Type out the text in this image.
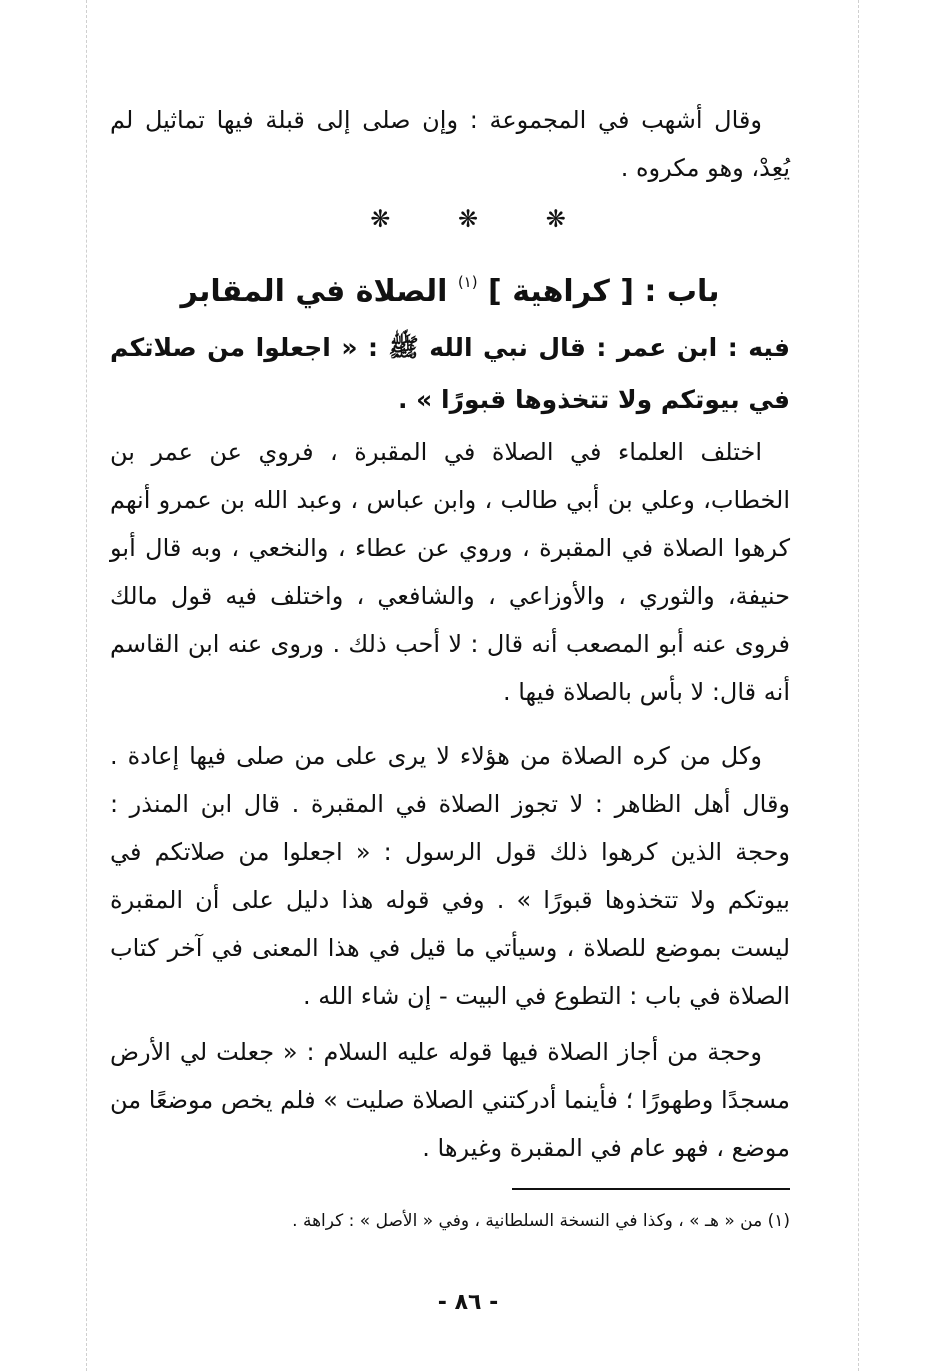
وقال أشهب في المجموعة : وإن صلى إلى قبلة فيها تماثيل لم يُعِدْ، وهو مكروه .

❋ ❋ ❋
باب : [ كراهية ] $^{(١)}$ الصلاة في المقابر

فيه : ابن عمر : قال نبي الله ﷺ : « اجعلوا من صلاتكم في بيوتكم ولا تتخذوها قبورًا » .

اختلف العلماء في الصلاة في المقبرة ، فروي عن عمر بن الخطاب، وعلي بن أبي طالب ، وابن عباس ، وعبد الله بن عمرو أنهم كرهوا الصلاة في المقبرة ، وروي عن عطاء ، والنخعي ، وبه قال أبو حنيفة، والثوري ، والأوزاعي ، والشافعي ، واختلف فيه قول مالك فروى عنه أبو المصعب أنه قال : لا أحب ذلك . وروى عنه ابن القاسم أنه قال: لا بأس بالصلاة فيها .

وكل من كره الصلاة من هؤلاء لا يرى على من صلى فيها إعادة . وقال أهل الظاهر : لا تجوز الصلاة في المقبرة . قال ابن المنذر : وحجة الذين كرهوا ذلك قول الرسول : « اجعلوا من صلاتكم في بيوتكم ولا تتخذوها قبورًا » . وفي قوله هذا دليل على أن المقبرة ليست بموضع للصلاة ، وسيأتي ما قيل في هذا المعنى في آخر كتاب الصلاة في باب : التطوع في البيت - إن شاء الله .

وحجة من أجاز الصلاة فيها قوله عليه السلام : « جعلت لي الأرض مسجدًا وطهورًا ؛ فأينما أدركتني الصلاة صليت » فلم يخص موضعًا من موضع ، فهو عام في المقبرة وغيرها .

(١) من « هـ » ، وكذا في النسخة السلطانية ، وفي « الأصل » : كراهة .
- ٨٦ -
